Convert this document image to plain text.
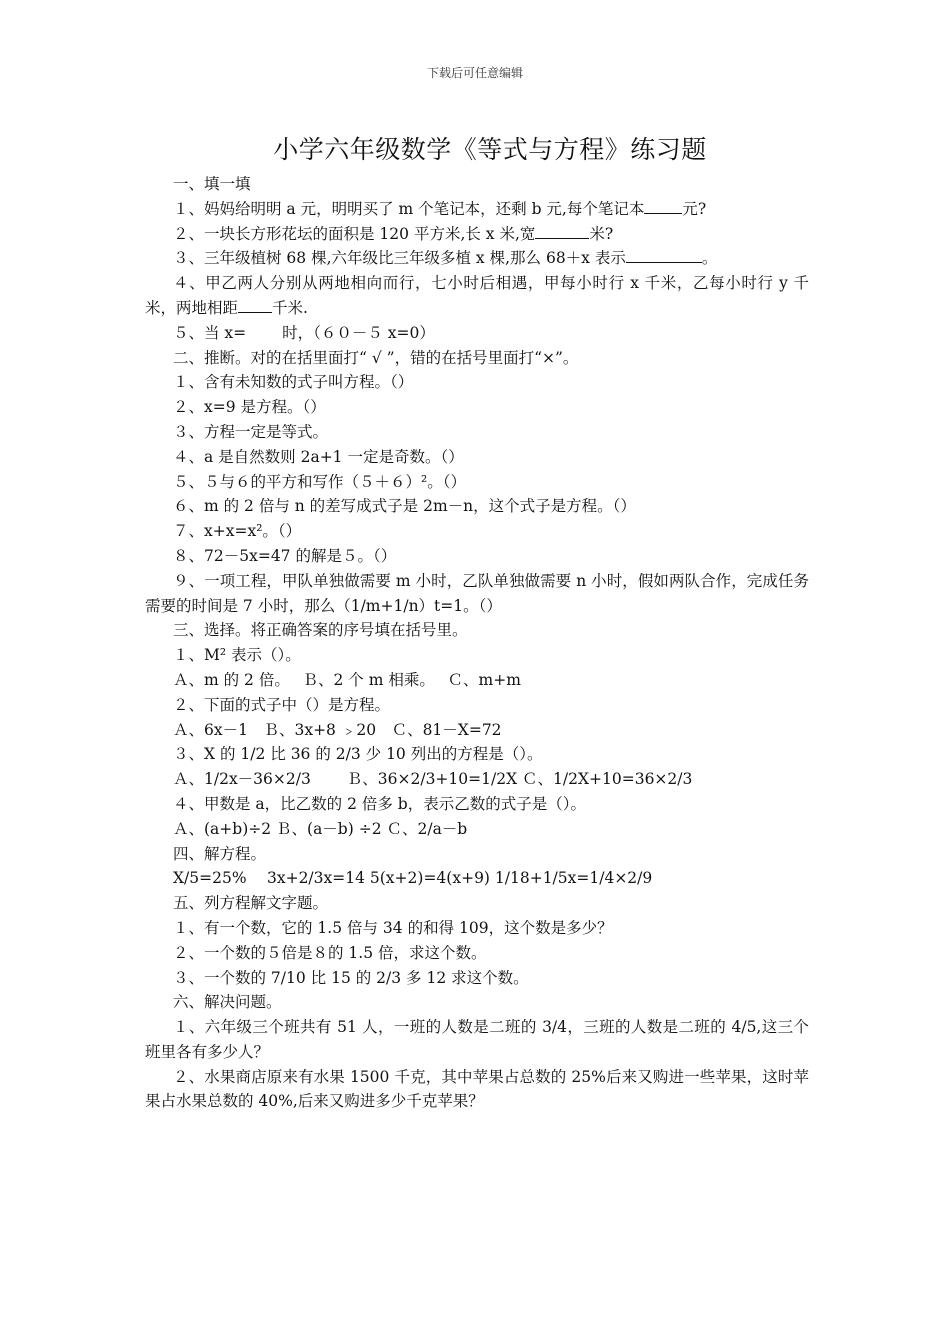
下载后可任意编辑
小学六年级数学《等式与方程》练习题

一、填一填

１、妈妈给明明 a 元，明明买了 m 个笔记本，还剩 b 元,每个笔记本 元?

２、一块长方形花坛的面积是 120 平方米,长 x 米,宽	米?

３、三年级植树 68 棵,六年级比三年级多植 x 棵,那么 68＋x 表示	。

４、甲乙两人分别从两地相向而行，七小时后相遇，甲每小时行 x 千米，乙每小时行 y 千米，两地相距 千米.

５、当 x=　　 时，（６０－５ x=0）

二、推断。对的在括里面打“ √ ”，错的在括号里面打“×”。

１、含有未知数的式子叫方程。（）

２、x=9 是方程。（）

３、方程一定是等式。

４、a 是自然数则 2a+1 一定是奇数。（）

５、５与６的平方和写作（５＋６）²。（）

６、m 的 2 倍与 n 的差写成式子是 2m－n，这个式子是方程。（）

７、x+x=x²。（）

８、72－5x=47 的解是５。（）

９、一项工程，甲队单独做需要 m 小时，乙队单独做需要 n 小时，假如两队合作，完成任务需要的时间是 7 小时，那么（1/m+1/n）t=1。（）

三、选择。将正确答案的序号填在括号里。

１、M² 表示（）。

Ａ、m 的 2 倍。　 Ｂ、2 个 m 相乘。　 Ｃ、m+m

２、下面的式子中（）是方程。

Ａ、6x－1　Ｂ、3x+8 ﹥20　Ｃ、81－X=72

３、X 的 1/2 比 36 的 2/3 少 10 列出的方程是（）。

Ａ、1/2x－36×2/3　　 Ｂ、36×2/3+10=1/2X Ｃ、1/2X+10=36×2/3

４、甲数是 a，比乙数的 2 倍多 b，表示乙数的式子是（）。

Ａ、(a+b)÷2 Ｂ、(a－b) ÷2 Ｃ、2/a－b

四、解方程。

X/5=25%　 3x+2/3x=14 5(x+2)=4(x+9) 1/18+1/5x=1/4×2/9

五、列方程解文字题。

１、有一个数，它的 1.5 倍与 34 的和得 109，这个数是多少？

２、一个数的５倍是８的 1.5 倍，求这个数。

３、一个数的 7/10 比 15 的 2/3 多 12 求这个数。

六、解决问题。

１、六年级三个班共有 51 人，一班的人数是二班的 3/4，三班的人数是二班的 4/5,这三个班里各有多少人？

２、水果商店原来有水果 1500 千克，其中苹果占总数的 25%后来又购进一些苹果，这时苹果占水果总数的 40%,后来又购进多少千克苹果？
